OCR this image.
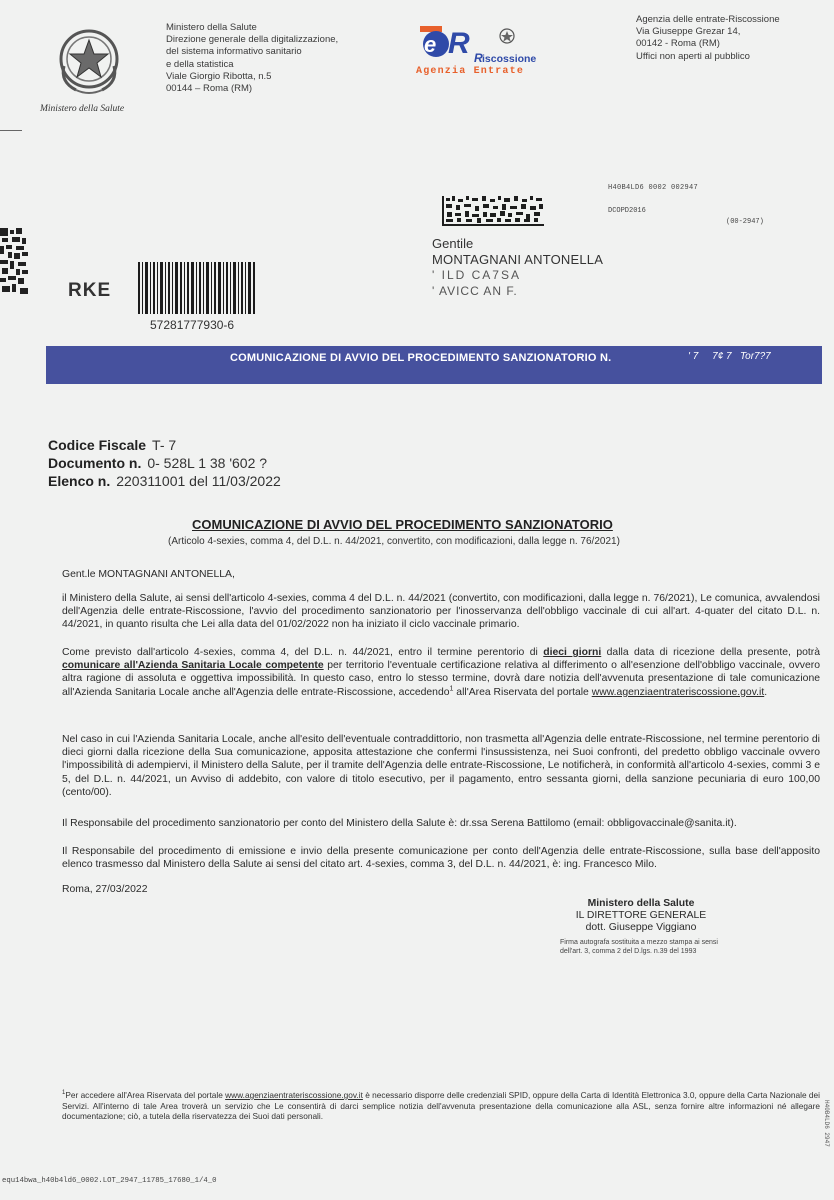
Ministero della Salute
Ministero della Salute
Direzione generale della digitalizzazione,
del sistema informativo sanitario
e della statistica
Viale Giorgio Ribotta, n.5
00144 – Roma (RM)
e R R iscossione
Agenzia Entrate
Agenzia delle entrate-Riscossione
Via Giuseppe Grezar 14,
00142 - Roma (RM)
Uffici non aperti al pubblico
H40B4LD6 0002 002947
DCOPD2016
(00-2947)
Gentile
MONTAGNANI ANTONELLA
' ILD CA7SA
' AVICC AN F.
RKE
57281777930-6
COMUNICAZIONE DI AVVIO DEL PROCEDIMENTO SANZIONATORIO N.	' 7     7¢ 7   Tor7?7
Codice Fiscale T- 7
Documento n. 0- 528L 1 38 '602 ?
Elenco n. 220311001 del 11/03/2022
COMUNICAZIONE DI AVVIO DEL PROCEDIMENTO SANZIONATORIO
(Articolo 4-sexies, comma 4, del D.L. n. 44/2021, convertito, con modificazioni, dalla legge n. 76/2021)
Gent.le MONTAGNANI ANTONELLA,
il Ministero della Salute, ai sensi dell'articolo 4-sexies, comma 4 del D.L. n. 44/2021 (convertito, con modificazioni, dalla legge n. 76/2021), Le comunica, avvalendosi dell'Agenzia delle entrate-Riscossione, l'avvio del procedimento sanzionatorio per l'inosservanza dell'obbligo vaccinale di cui all'art. 4-quater del citato D.L. n. 44/2021, in quanto risulta che Lei alla data del 01/02/2022 non ha iniziato il ciclo vaccinale primario.
Come previsto dall'articolo 4-sexies, comma 4, del D.L. n. 44/2021, entro il termine perentorio di dieci giorni dalla data di ricezione della presente, potrà comunicare all'Azienda Sanitaria Locale competente per territorio l'eventuale certificazione relativa al differimento o all'esenzione dell'obbligo vaccinale, ovvero altra ragione di assoluta e oggettiva impossibilità. In questo caso, entro lo stesso termine, dovrà dare notizia dell'avvenuta presentazione di tale comunicazione all'Azienda Sanitaria Locale anche all'Agenzia delle entrate-Riscossione, accedendo$^1$ all'Area Riservata del portale www.agenziaentrateriscossione.gov.it.
Nel caso in cui l'Azienda Sanitaria Locale, anche all'esito dell'eventuale contraddittorio, non trasmetta all'Agenzia delle entrate-Riscossione, nel termine perentorio di dieci giorni dalla ricezione della Sua comunicazione, apposita attestazione che confermi l'insussistenza, nei Suoi confronti, del predetto obbligo vaccinale ovvero l'impossibilità di adempiervi, il Ministero della Salute, per il tramite dell'Agenzia delle entrate-Riscossione, Le notificherà, in conformità all'articolo 4-sexies, commi 3 e 5, del D.L. n. 44/2021, un Avviso di addebito, con valore di titolo esecutivo, per il pagamento, entro sessanta giorni, della sanzione pecuniaria di euro 100,00 (cento/00).
Il Responsabile del procedimento sanzionatorio per conto del Ministero della Salute è: dr.ssa Serena Battilomo (email: obbligovaccinale@sanita.it).
Il Responsabile del procedimento di emissione e invio della presente comunicazione per conto dell'Agenzia delle entrate-Riscossione, sulla base dell'apposito elenco trasmesso dal Ministero della Salute ai sensi del citato art. 4-sexies, comma 3, del D.L. n. 44/2021, è: ing. Francesco Milo.
Roma, 27/03/2022
Ministero della Salute
IL DIRETTORE GENERALE
dott. Giuseppe Viggiano
Firma autografa sostituita a mezzo stampa ai sensi dell'art. 3, comma 2 del D.lgs. n.39 del 1993
$^1$Per accedere all'Area Riservata del portale www.agenziaentrateriscossione.gov.it è necessario disporre delle credenziali SPID, oppure della Carta di Identità Elettronica 3.0, oppure della Carta Nazionale dei Servizi. All'interno di tale Area troverà un servizio che Le consentirà di darci semplice notizia dell'avvenuta presentazione della comunicazione alla ASL, senza fornire altre informazioni né allegare documentazione; ciò, a tutela della riservatezza dei Suoi dati personali.
equ14bwa_h40b4ld6_0002.LOT_2947_11785_17680_1/4_0
H40B4LD6 2947
